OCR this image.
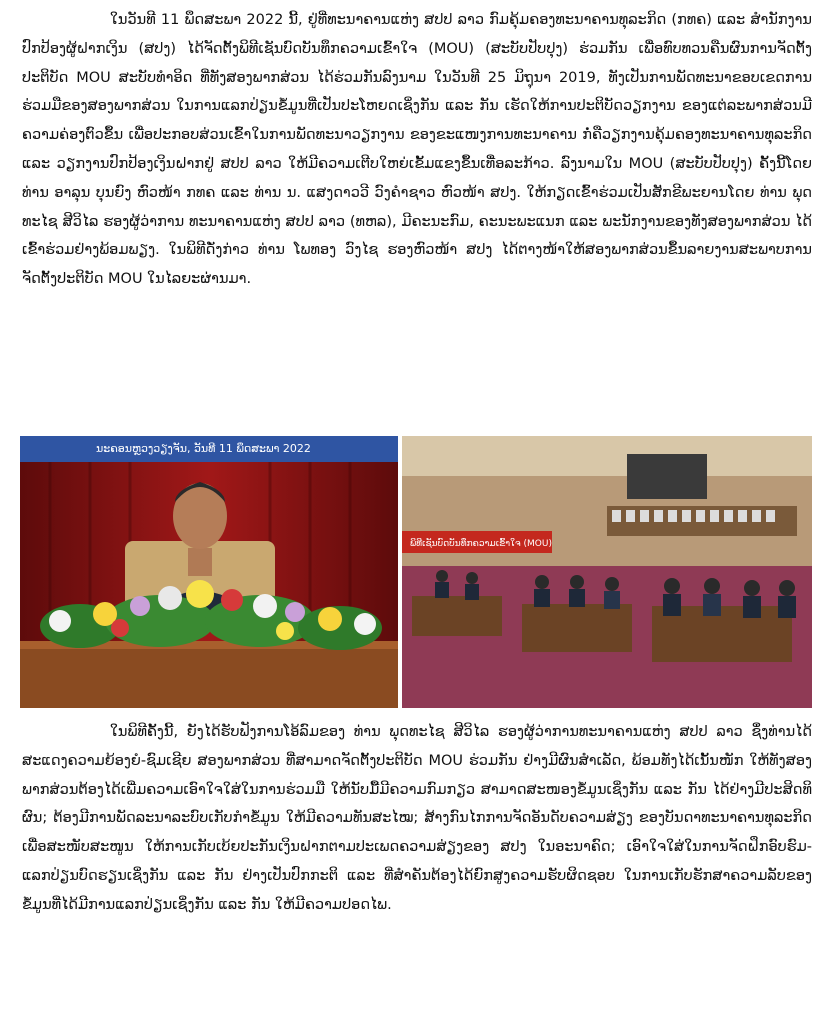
ໃນວັນທີ 11 ພຶດສະພາ 2022 ນີ້, ຢູ່ທີ່ທະນາຄານແຫ່ງ ສປປ ລາວ ກົມຄຸ້ມຄອງທະນາຄານທຸລະກິດ (ກທຄ) ແລະ ສໍານັກງານປົກປ້ອງຜູ້ຝາກເງິນ (ສປງ) ໄດ້ຈັດຕັ້ງພິທີເຊັນບົດບັນທຶກຄວາມເຂົ້າໃຈ (MOU) (ສະບັບປັບປຸງ) ຮ່ວມກັນ ເພື່ອທົບທວນຄືນຜົນການຈັດຕັ້ງປະຕິບັດ MOU ສະບັບທໍາອິດ ທີ່ທັງສອງພາກສ່ວນ ໄດ້ຮ່ວມກັນລົງນາມ ໃນວັນທີ 25 ມິຖຸນາ 2019, ທັງເປັນການພັດທະນາຂອບເຂດການຮ່ວມມືຂອງສອງພາກສ່ວນ ໃນການແລກປ່ຽນຂໍ້ມູນທີ່ເປັນປະໂຫຍດເຊິ່ງກັນ ແລະ ກັນ ເຮັດໃຫ້ການປະຕິບັດວຽກງານ ຂອງແຕ່ລະພາກສ່ວນມີຄວາມຄ່ອງຕົວຂຶ້ນ ເພື່ອປະກອບສ່ວນເຂົ້າໃນການພັດທະນາວຽກງານ ຂອງຂະແໜງການທະນາຄານ ກໍ່ຄືວຽກງານຄຸ້ມຄອງທະນາຄານທຸລະກິດ ແລະ ວຽກງານປົກປ້ອງເງິນຝາກຢູ່ ສປປ ລາວ ໃຫ້ມີຄວາມເຕີບໃຫຍ່ເຂັ້ມແຂງຂຶ້ນເທື່ອລະກ້າວ. ລົງນາມໃນ MOU (ສະບັບປັບປຸງ) ຄັ້ງນີ້ໂດຍ ທ່ານ ອາລຸນ ບຸນຍົງ ຫົວໜ້າ ກທຄ ແລະ ທ່ານ ນ. ແສງດາວວີ ວົງຄໍາຊາວ ຫົວໜ້າ ສປງ. ໃຫ້ກຽດເຂົ້າຮ່ວມເປັນສັກຂີພະຍານໂດຍ ທ່ານ ພຸດທະໄຊ ສີວິໄລ ຮອງຜູ້ວ່າການ ທະນາຄານແຫ່ງ ສປປ ລາວ (ທຫລ), ມີຄະນະກົມ, ຄະນະພະແນກ ແລະ ພະນັກງານຂອງທັງສອງພາກສ່ວນ ໄດ້ເຂົ້າຮ່ວມຢ່າງພ້ອມພຽງ. ໃນພິທີດັ່ງກ່າວ ທ່ານ ໂພທອງ ວົງໄຊ ຮອງຫົວໜ້າ ສປງ ໄດ້ຕາງໜ້າໃຫ້ສອງພາກສ່ວນຂຶ້ນລາຍງານສະພາບການ ຈັດຕັ້ງປະຕິບັດ MOU ໃນໄລຍະຜ່ານມາ.

ນະຄອນຫຼວງວຽງຈັນ, ວັນທີ 11 ພຶດສະພາ 2022
ພິທີເຊັນບົດບັນທຶກຄວາມເຂົ້າໃຈ (MOU)

ໃນພິທີຄັ້ງນີ້, ຍັງໄດ້ຮັບຟັງການໂອ້ລົມຂອງ ທ່ານ ພຸດທະໄຊ ສີວິໄລ ຮອງຜູ້ວ່າການທະນາຄານແຫ່ງ ສປປ ລາວ ຊຶ່ງທ່ານໄດ້ສະແດງຄວາມຍ້ອງຍໍ-ຊົມເຊີຍ ສອງພາກສ່ວນ ທີ່ສາມາດຈັດຕັ້ງປະຕິບັດ MOU ຮ່ວມກັນ ຢ່າງມີຜົນສໍາເລັດ, ພ້ອມທັງໄດ້ເນັ້ນໜັກ ໃຫ້ທັງສອງພາກສ່ວນຕ້ອງໄດ້ເພີ່ມຄວາມເອົາໃຈໃສ່ໃນການຮ່ວມມື ໃຫ້ນັບມື້ມີຄວາມກົມກຽວ ສາມາດສະໜອງຂໍ້ມູນເຊິ່ງກັນ ແລະ ກັນ ໄດ້ຢ່າງມີປະສິດທິຜົນ; ຕ້ອງມີການພັດລະນາລະບົບເກັບກໍາຂໍ້ມູນ ໃຫ້ມີຄວາມທັນສະໄໝ; ສ້າງກົນໄກການຈັດອັນດັບຄວາມສ່ຽງ ຂອງບັນດາທະນາຄານທຸລະກິດ ເພື່ອສະໜັບສະໜູນ ໃຫ້ການເກັບເບ້ຍປະກັນເງິນຝາກຕາມປະເພດຄວາມສ່ຽງຂອງ ສປງ ໃນອະນາຄົດ; ເອົາໃຈໃສ່ໃນການຈັດຝຶກອົບຮົມ-ແລກປ່ຽນບົດຮຽນເຊິ່ງກັນ ແລະ ກັນ ຢ່າງເປັນປົກກະຕິ ແລະ ທີ່ສໍາຄັນຕ້ອງໄດ້ຍົກສູງຄວາມຮັບຜິດຊອບ ໃນການເກັບຮັກສາຄວາມລັບຂອງຂໍ້ມູນທີ່ໄດ້ມີການແລກປ່ຽນເຊິ່ງກັນ ແລະ ກັນ ໃຫ້ມີຄວາມປອດໄພ.
